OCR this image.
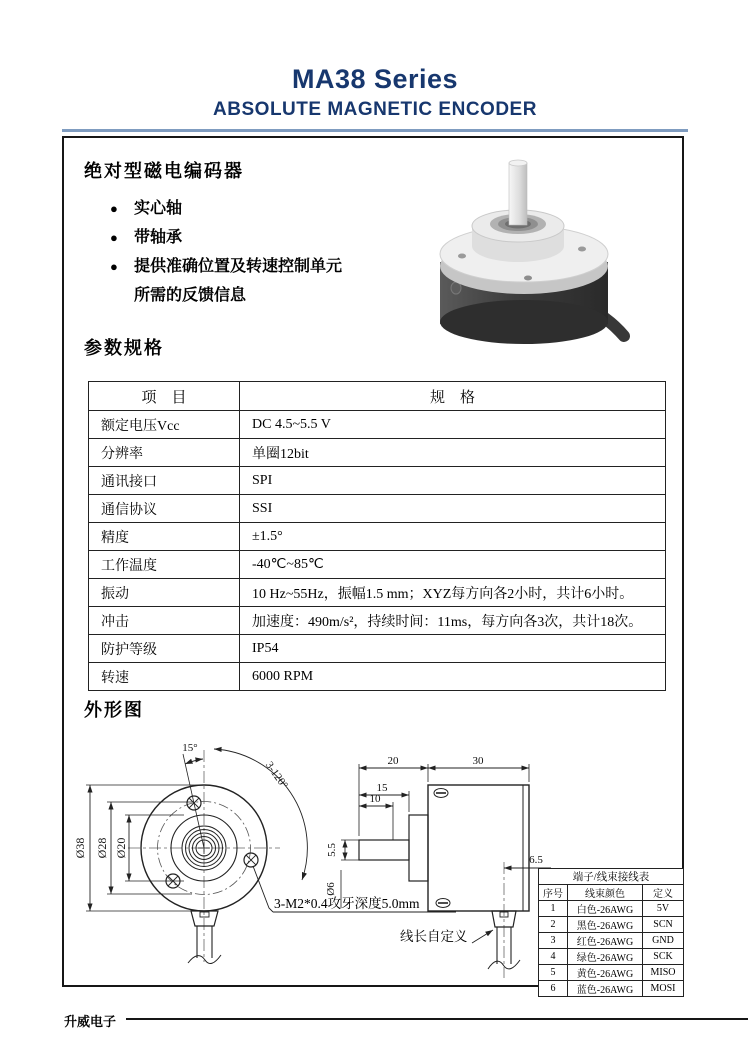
MA38 Series
ABSOLUTE MAGNETIC ENCODER
绝对型磁电编码器
●	实心轴
●	带轴承
●	提供准确位置及转速控制单元
所需的反馈信息
参数规格
项　目	规　格
额定电压Vcc	DC 4.5~5.5 V
分辨率	单圈12bit
通讯接口	SPI
通信协议	SSI
精度	±1.5°
工作温度	-40℃~85℃
振动	10 Hz~55Hz，振幅1.5 mm；XYZ每方向各2小时，共计6小时。
冲击	加速度：490m/s²，持续时间：11ms，每方向各3次，共计18次。
防护等级	IP54
转速	6000 RPM
外形图
Ø38 Ø28 Ø20
15°
3-120°
3-M2*0.4攻牙深度5.0mm
20
15
10
30
5.5
Ø6
6.5
线长自定义
端子/线束接线表		
序号	线束颜色	定义
1	白色-26AWG	5V
2	黑色-26AWG	SCN
3	红色-26AWG	GND
4	绿色-26AWG	SCK
5	黄色-26AWG	MISO
6	蓝色-26AWG	MOSI
升威电子
